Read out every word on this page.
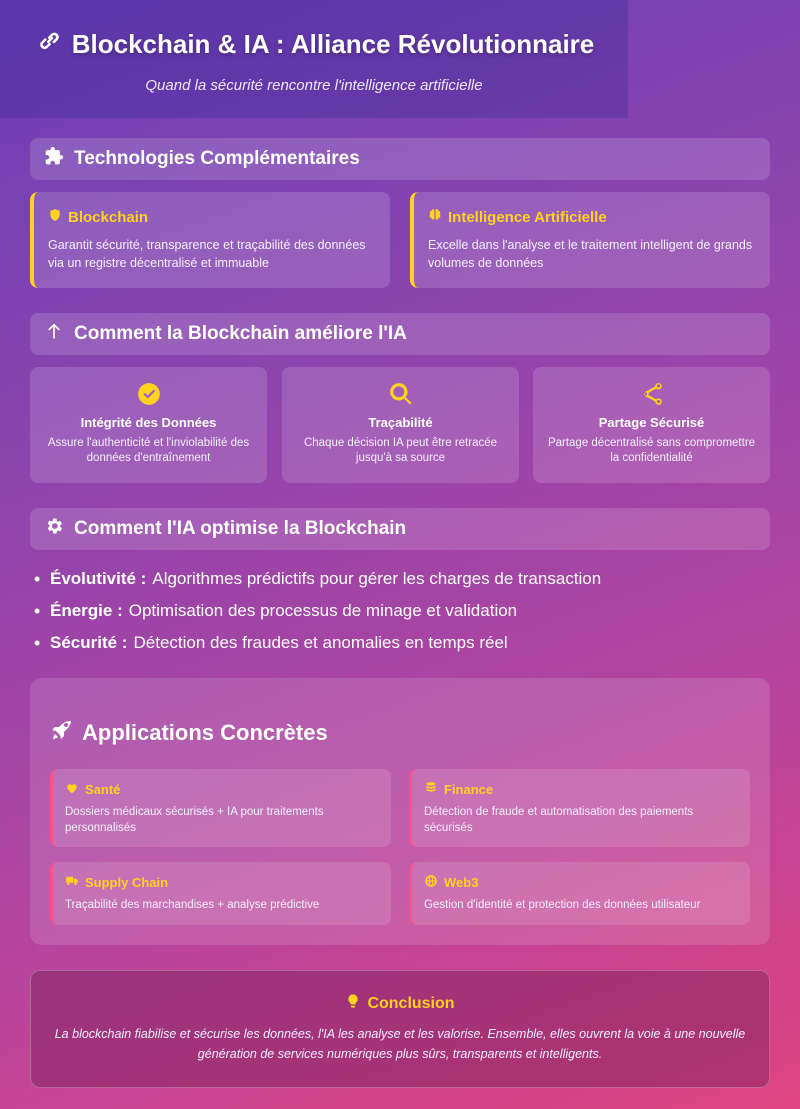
Blockchain & IA : Alliance Révolutionnaire
Quand la sécurité rencontre l'intelligence artificielle
Technologies Complémentaires
Blockchain
Garantit sécurité, transparence et traçabilité des données via un registre décentralisé et immuable
Intelligence Artificielle
Excelle dans l'analyse et le traitement intelligent de grands volumes de données
Comment la Blockchain améliore l'IA
Intégrité des Données
Assure l'authenticité et l'inviolabilité des données d'entraînement
Traçabilité
Chaque décision IA peut être retracée jusqu'à sa source
Partage Sécurisé
Partage décentralisé sans compromettre la confidentialité
Comment l'IA optimise la Blockchain
• Évolutivité : Algorithmes prédictifs pour gérer les charges de transaction
• Énergie : Optimisation des processus de minage et validation
• Sécurité : Détection des fraudes et anomalies en temps réel
Applications Concrètes
Santé
Dossiers médicaux sécurisés + IA pour traitements personnalisés
Finance
Détection de fraude et automatisation des paiements sécurisés
Supply Chain
Traçabilité des marchandises + analyse prédictive
Web3
Gestion d'identité et protection des données utilisateur
Conclusion
La blockchain fiabilise et sécurise les données, l'IA les analyse et les valorise. Ensemble, elles ouvrent la voie à une nouvelle génération de services numériques plus sûrs, transparents et intelligents.
